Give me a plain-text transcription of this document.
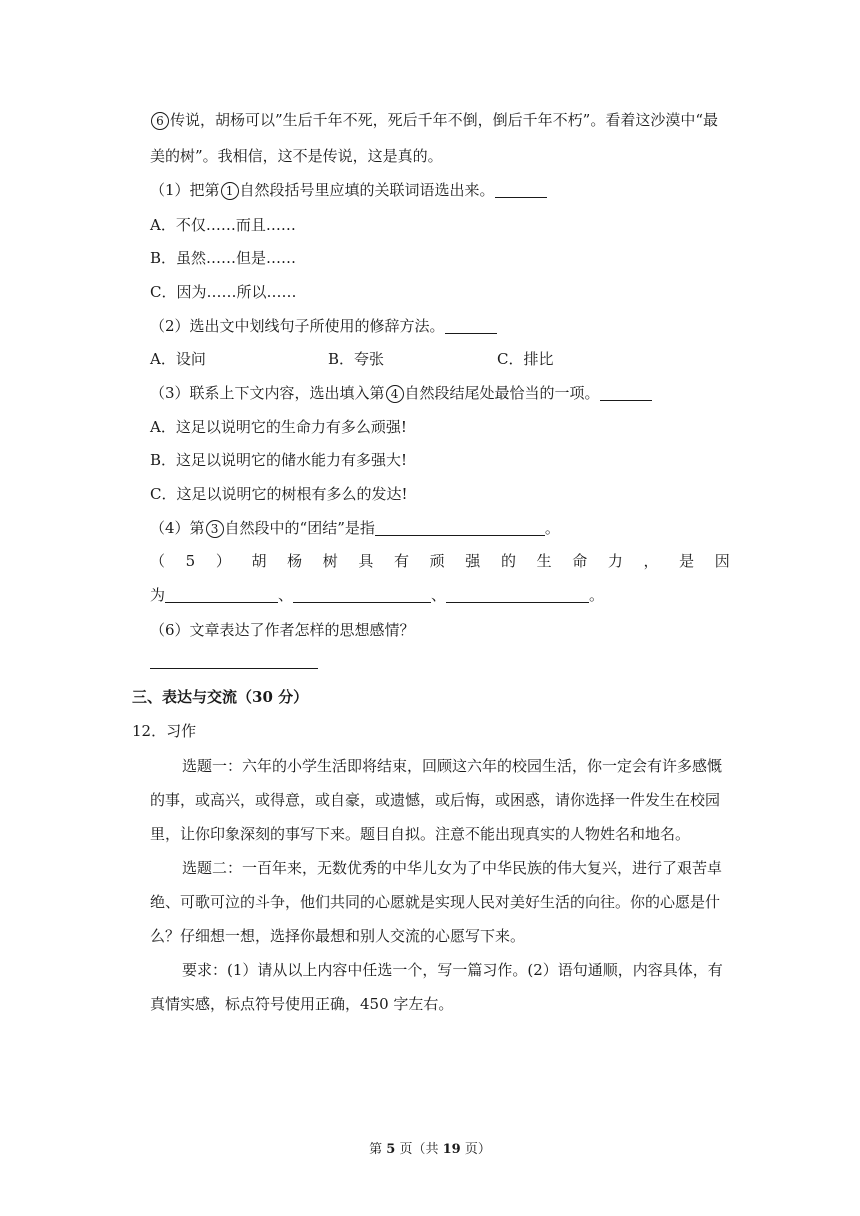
6 传说，胡杨可以”生后千年不死，死后千年不倒，倒后千年不朽”。看着这沙漠中“最
美的树”。我相信，这不是传说，这是真的。
（1）把第 1 自然段括号里应填的关联词语选出来。
A．不仅……而且……
B．虽然……但是……
C．因为……所以……
（2）选出文中划线句子所使用的修辞方法。
A．设问	B．夸张	C．排比
（3）联系上下文内容，选出填入第 4 自然段结尾处最恰当的一项。
A．这足以说明它的生命力有多么顽强!
B．这足以说明它的储水能力有多强大!
C．这足以说明它的树根有多么的发达!
（4）第 3 自然段中的“团结”是指	。
（ 5 ） 胡 杨 树 具 有 顽 强 的 生 命 力 ， 是 因
为	、	、	。
（6）文章表达了作者怎样的思想感情？
三、表达与交流（30 分）
12．习作
选题一：六年的小学生活即将结束，回顾这六年的校园生活，你一定会有许多感慨
的事，或高兴，或得意，或自豪，或遗憾，或后悔，或困惑，请你选择一件发生在校园
里，让你印象深刻的事写下来。题目自拟。注意不能出现真实的人物姓名和地名。
选题二：一百年来，无数优秀的中华儿女为了中华民族的伟大复兴，进行了艰苦卓
绝、可歌可泣的斗争，他们共同的心愿就是实现人民对美好生活的向往。你的心愿是什
么？仔细想一想，选择你最想和别人交流的心愿写下来。
要求：(1）请从以上内容中任选一个，写一篇习作。(2）语句通顺，内容具体，有
真情实感，标点符号使用正确，450 字左右。
第 5 页（共 19 页）
